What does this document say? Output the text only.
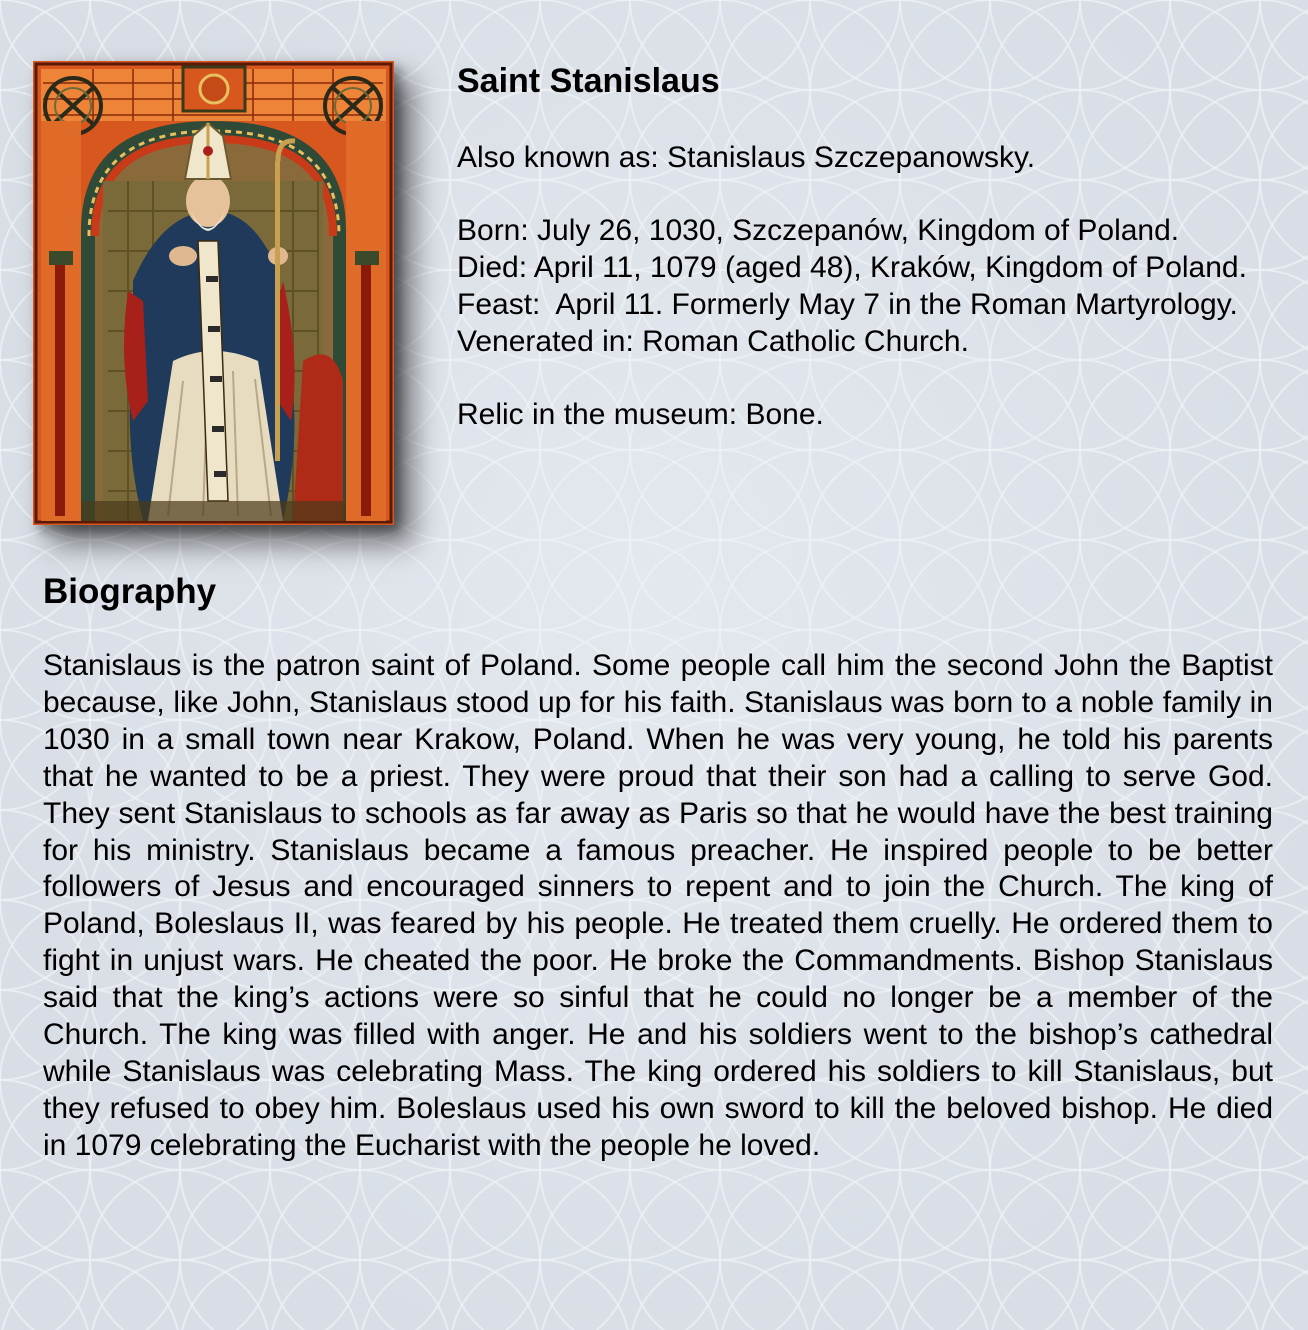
Saint Stanislaus

Also known as: Stanislaus Szczepanowsky.

Born: July 26, 1030, Szczepanów, Kingdom of Poland.

Died: April 11, 1079 (aged 48), Kraków, Kingdom of Poland.

Feast:  April 11. Formerly May 7 in the Roman Martyrology.

Venerated in: Roman Catholic Church.

Relic in the museum: Bone.

Biography

Stanislaus is the patron saint of Poland. Some people call him the second John the Baptist because, like John, Stanislaus stood up for his faith. Stanislaus was born to a noble family in 1030 in a small town near Krakow, Poland. When he was very young, he told his parents that he wanted to be a priest. They were proud that their son had a calling to serve God. They sent Stanislaus to schools as far away as Paris so that he would have the best training for his ministry. Stanislaus became a famous preacher. He inspired people to be better followers of Jesus and encouraged sinners to repent and to join the Church. The king of Poland, Boleslaus II, was feared by his people. He treated them cruelly. He ordered them to fight in unjust wars. He cheated the poor. He broke the Commandments. Bishop Stanislaus said that the king’s actions were so sinful that he could no longer be a member of the Church. The king was filled with anger. He and his soldiers went to the bishop’s cathedral while Stanislaus was celebrating Mass. The king ordered his soldiers to kill Stanislaus, but they refused to obey him. Boleslaus used his own sword to kill the beloved bishop. He died in 1079 celebrating the Eucharist with the people he loved.
